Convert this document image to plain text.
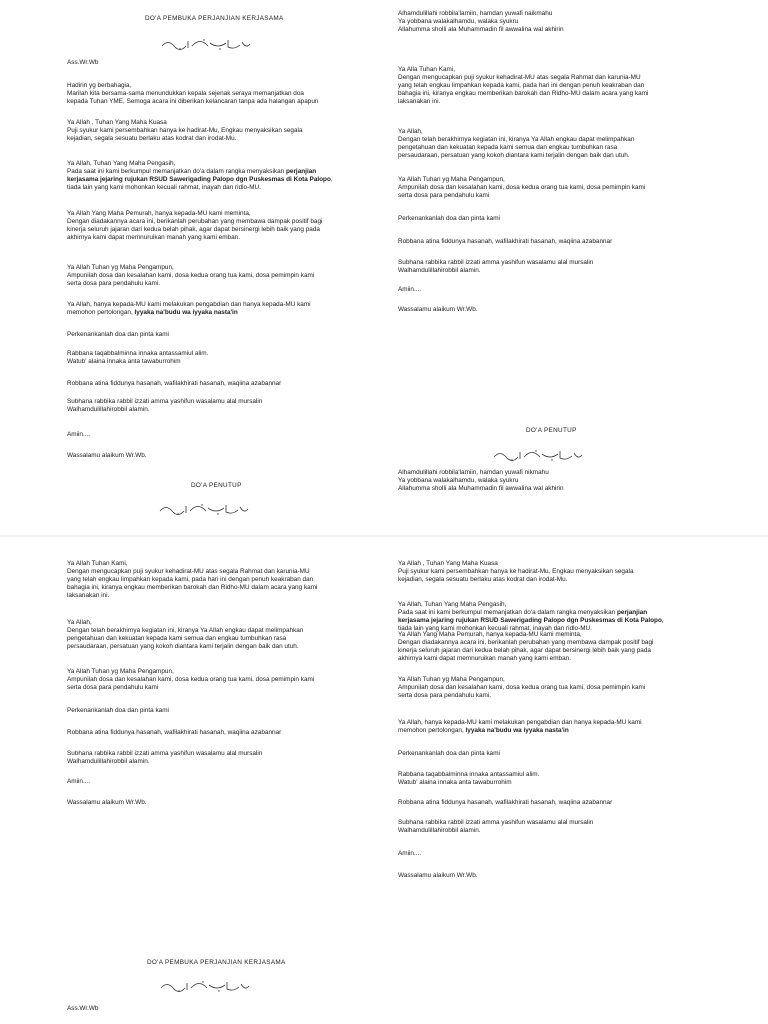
DO'A PEMBUKA PERJANJIAN KERJASAMA
Ass.Wr.Wb
Hadirin yg berbahagia,
Marilah kita bersama-sama menundukkan kepala sejenak seraya memanjatkan doa
kepada Tuhan YME, Semoga acara ini diberikan kelancaran tanpa ada halangan apapun
Ya Allah , Tuhan Yang Maha Kuasa
Puji syukur kami persembahkan hanya ke hadirat-Mu, Engkau menyaksikan segala
kejadian, segala sesuatu berlaku atas kodrat dan irodat-Mu.
Ya Allah, Tuhan Yang Maha Pengasih,
Pada saat ini kami berkumpul memanjatkan do'a dalam rangka menyaksikan perjanjian
kerjasama jejaring rujukan RSUD Sawerigading Palopo dgn Puskesmas di Kota Palopo,
tiada lain yang kami mohonkan kecuali rahmat, inayah dan ridlo-MU.
Ya Allah Yang Maha Pemurah, hanya kepada-MU kami meminta,
Dengan diadakannya acara ini, berikanlah perubahan yang membawa dampak positif bagi
kinerja seluruh jajaran dari kedua belah pihak, agar dapat bersinergi lebih baik yang pada
akhirnya kami dapat memnuruikan manah yang kami emban.
Ya Allah Tuhan yg Maha Pengampun,
Ampunilah dosa dan kesalahan kami, dosa kedua orang tua kami, dosa pemimpin kami
serta dosa para pendahulu kami.
Ya Allah, hanya kepada-MU kami melakukan pengabdian dan hanya kepada-MU kami
memohon pertolongan, Iyyaka na'budu wa iyyaka nasta'in
Perkenankanlah doa dan pinta kami
Rabbana taqabbalminna innaka antassamiul alim.
Watub' alaina innaka anta tawaburrohim
Robbana atina fiddunya hasanah, wafilakhirati hasanah, waqiina azabannar
Subhana rabbika rabbil izzati amma yashifun wasalamu alal mursalin
Walhamdulillahirobbil alamin.
Amiin....
Wassalamu alaikum Wr.Wb.
DO'A PENUTUP
Alhamdulillahi robbila'lamiin, hamdan yuwafi naikmahu
Ya yobbana walakalhamdu, walaka syukru
Allahumma sholli ala Muhammadin fil awwalina wal akhirin
Ya Alla Tuhan Kami,
Dengan mengucapkan puji syukur kehadirat-MU atas segala Rahmat dan karunia-MU
yang telah engkau limpahkan kepada kami, pada hari ini dengan penuh keakraban dan
bahagia ini, kiranya engkau memberikan barokah dan Ridho-MU dalam acara yang kami
laksanakan ini.
Ya Allah,
Dengan telah berakhirnya kegiatan ini, kiranya Ya Allah engkau dapat melimpahkan
pengetahuan dan kekuatan kepada kami semua dan engkau tumbuhkan rasa
persaudaraan, persatuan yang kokoh diantara kami terjalin dengan baik dan utuh.
Ya Allah Tuhan yg Maha Pengampun,
Ampunilah dosa dan kesalahan kami, dosa kedua orang tua kami, dosa pemimpin kami
serta dosa para pendahulu kami
Perkenankanlah doa dan pinta kami
Robbana atina fiddunya hasanah, wafilakhirati hasanah, waqiina azabannar
Subhana rabbika rabbil izzati amma yashifun wasalamu alal mursalin
Walhamdulillahirobbil alamin.
Amiin....
Wassalamu alaikum Wr.Wb.
DO'A PENUTUP
Alhamdulillahi robbila'lamiin, hamdan yuwafi nikmahu
Ya yobbana walakalhamdu, walaka syukru
Allahumma sholli ala Muhammadin fil awwalina wal akhirin
Ya Allah Tuhan Kami,
Dengan mengucapkan puji syukur kehadirat-MU atas segala Rahmat dan karunia-MU
yang telah engkau limpahkan kepada kami, pada hari ini dengan penuh keakraban dan
bahagia ini, kiranya engkau memberikan barokah dan Ridho-MU dalam acara yang kami
laksanakan ini.
Ya Allah,
Dengan telah berakhirnya kegiatan ini, kiranya Ya Allah engkau dapat melimpahkan
pengetahuan dan kekuatan kepada kami semua dan engkau tumbuhkan rasa
persaudaraan, persatuan yang kokoh diantara kami terjalin dengan baik dan utuh.
Ya Allah Tuhan yg Maha Pengampun,
Ampunilah dosa dan kesalahan kami, dosa kedua orang tua kami, dosa pemimpin kami
serta dosa para pendahulu kami
Perkenankanlah doa dan pinta kami
Robbana atina fiddunya hasanah, wafilakhirati hasanah, waqiina azabannar
Subhana rabbika rabbil izzati amma yashifun wasalamu alal mursalin
Walhamdulillahirobbil alamin.
Amiin....
Wassalamu alaikum Wr.Wb.
DO'A PEMBUKA PERJANJIAN KERJASAMA
Ass.Wr.Wb
Ya Allah , Tuhan Yang Maha Kuasa
Puji syukur kami persembahkan hanya ke hadirat-Mu, Engkau menyaksikan segala
kejadian, segala sesuatu berlaku atas kodrat dan irodat-Mu.
Ya Allah, Tuhan Yang Maha Pengasih,
Pada saat ini kami berkumpul memanjatkan do'a dalam rangka menyaksikan perjanjian
kerjasama jejaring rujukan RSUD Sawerigading Palopo dgn Puskesmas di Kota Palopo,
tiada lain yang kami mohonkan kecuali rahmat, inayah dan ridlo-MU.
Ya Allah Yang Maha Pemurah, hanya kepada-MU kami meminta,
Dengan diadakannya acara ini, berikanlah perubahan yang membawa dampak positif bagi
kinerja seluruh jajaran dari kedua belah pihak, agar dapat bersinergi lebih baik yang pada
akhirnya kami dapat memnuruikan manah yang kami emban.
Ya Allah Tuhan yg Maha Pengampun,
Ampunilah dosa dan kesalahan kami, dosa kedua orang tua kami, dosa pemimpin kami
serta dosa para pendahulu kami.
Ya Allah, hanya kepada-MU kami melakukan pengabdian dan hanya kepada-MU kami
memohon pertolongan, Iyyaka na'budu wa iyyaka nasta'in
Perkenankanlah doa dan pinta kami
Rabbana taqabbalminna innaka antassamiul alim.
Watub' alaina innaka anta tawaburrohim
Robbana atina fiddunya hasanah, wafilakhirati hasanah, waqiina azabannar
Subhana rabbika rabbil izzati amma yashifun wasalamu alal mursalin
Walhamdulillahirobbil alamin.
Amiin....
Wassalamu alaikum Wr.Wb.
